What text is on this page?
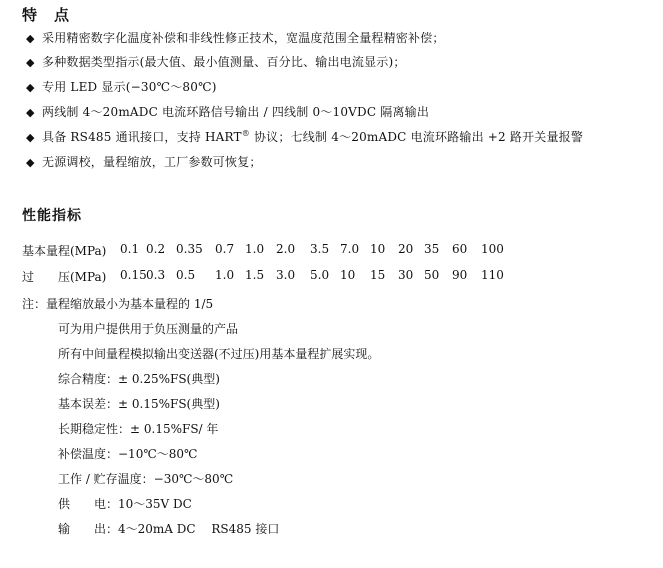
特　点
◆ 采用精密数字化温度补偿和非线性修正技术，宽温度范围全量程精密补偿；
◆ 多种数据类型指示(最大值、最小值测量、百分比、输出电流显示)；
◆ 专用 LED 显示(−30℃～80℃)
◆ 两线制 4～20mADC 电流环路信号输出 / 四线制 0～10VDC 隔离输出
◆ 具备 RS485 通讯接口，支持 HART® 协议；七线制 4～20mADC 电流环路输出 +2 路开关量报警
◆ 无源调校，量程缩放，工厂参数可恢复；
性能指标
基本量程(MPa) 0.1 0.2 0.35 0.7 1.0 2.0 3.5 7.0 10 20 35 60 100
过　　压(MPa) 0.15 0.3 0.5 1.0 1.5 3.0 5.0 10 15 30 50 90 110
注：量程缩放最小为基本量程的 1/5
可为用户提供用于负压测量的产品
所有中间量程模拟输出变送器(不过压)用基本量程扩展实现。
综合精度：± 0.25%FS(典型)
基本误差：± 0.15%FS(典型)
长期稳定性：± 0.15%FS/ 年
补偿温度：−10℃～80℃
工作 / 贮存温度：−30℃～80℃
供　　电：10～35V DC
输　　出：4～20mA DC　 RS485 接口
